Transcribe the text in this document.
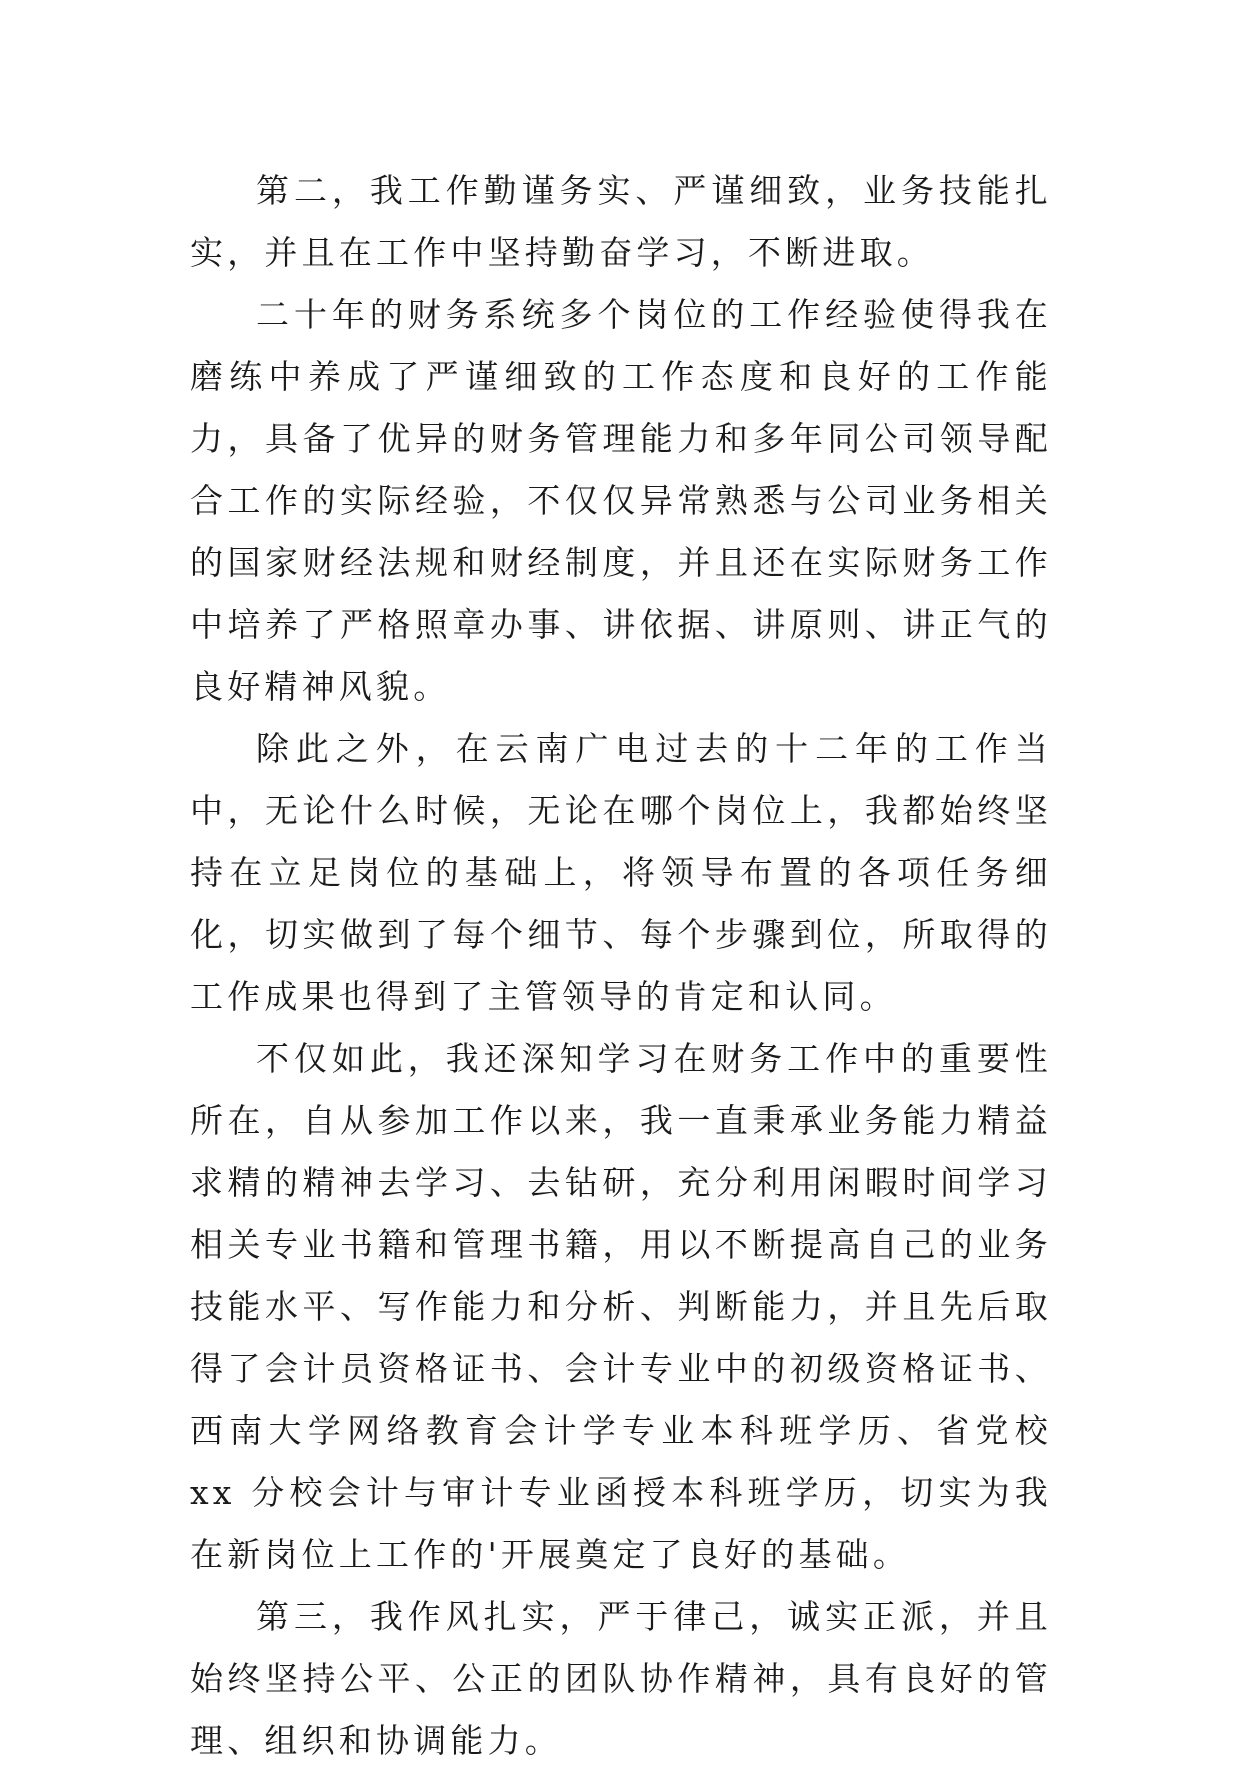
第二，我工作勤谨务实、严谨细致，业务技能扎实，并且在工作中坚持勤奋学习，不断进取。

二十年的财务系统多个岗位的工作经验使得我在磨练中养成了严谨细致的工作态度和良好的工作能力，具备了优异的财务管理能力和多年同公司领导配合工作的实际经验，不仅仅异常熟悉与公司业务相关的国家财经法规和财经制度，并且还在实际财务工作中培养了严格照章办事、讲依据、讲原则、讲正气的良好精神风貌。

除此之外，在云南广电过去的十二年的工作当中，无论什么时候，无论在哪个岗位上，我都始终坚持在立足岗位的基础上，将领导布置的各项任务细化，切实做到了每个细节、每个步骤到位，所取得的工作成果也得到了主管领导的肯定和认同。

不仅如此，我还深知学习在财务工作中的重要性所在，自从参加工作以来，我一直秉承业务能力精益求精的精神去学习、去钻研，充分利用闲暇时间学习相关专业书籍和管理书籍，用以不断提高自己的业务技能水平、写作能力和分析、判断能力，并且先后取得了会计员资格证书、会计专业中的初级资格证书、西南大学网络教育会计学专业本科班学历、省党校 xx 分校会计与审计专业函授本科班学历，切实为我在新岗位上工作的'开展奠定了良好的基础。

第三，我作风扎实，严于律己，诚实正派，并且始终坚持公平、公正的团队协作精神，具有良好的管理、组织和协调能力。
